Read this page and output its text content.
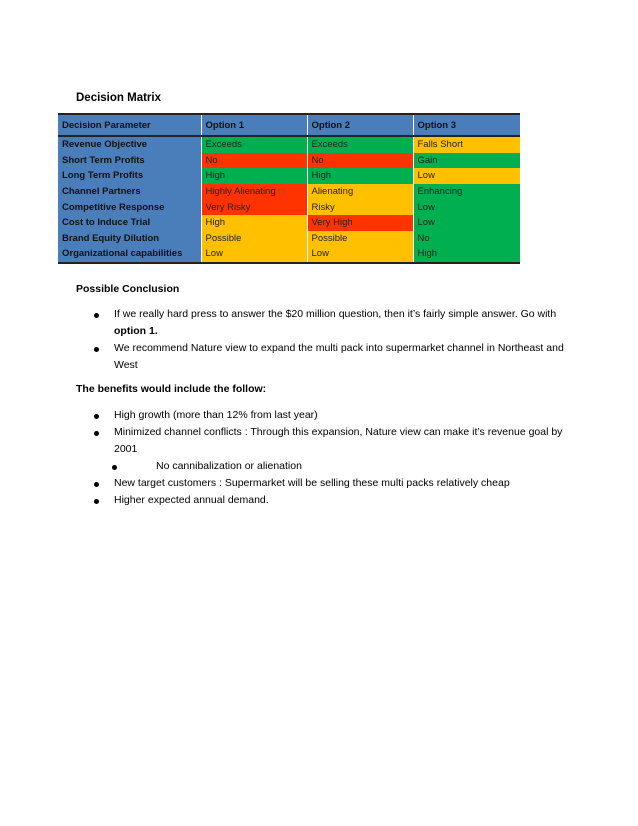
Decision Matrix
Decision Parameter	Option 1	Option 2	Option 3
Revenue Objective	Exceeds	Exceeds	Falls Short
Short Term Profits	No	No	Gain
Long Term Profits	High	High	Low
Channel Partners	Highly Alienating	Alienating	Enhancing
Competitive Response	Very Risky	Risky	Low
Cost to Induce Trial	High	Very High	Low
Brand Equity Dilution	Possible	Possible	No
Organizational capabilities	Low	Low	High
Possible Conclusion
If we really hard press to answer the $20 million question, then it’s fairly simple answer. Go with option 1.
We recommend Nature view to expand the multi pack into supermarket channel in Northeast and West
The benefits would include the follow:
High growth (more than 12% from last year)
Minimized channel conflicts : Through this expansion, Nature view can make it’s revenue goal by 2001
No cannibalization or alienation
New target customers : Supermarket will be selling these multi packs relatively cheap
Higher expected annual demand.
